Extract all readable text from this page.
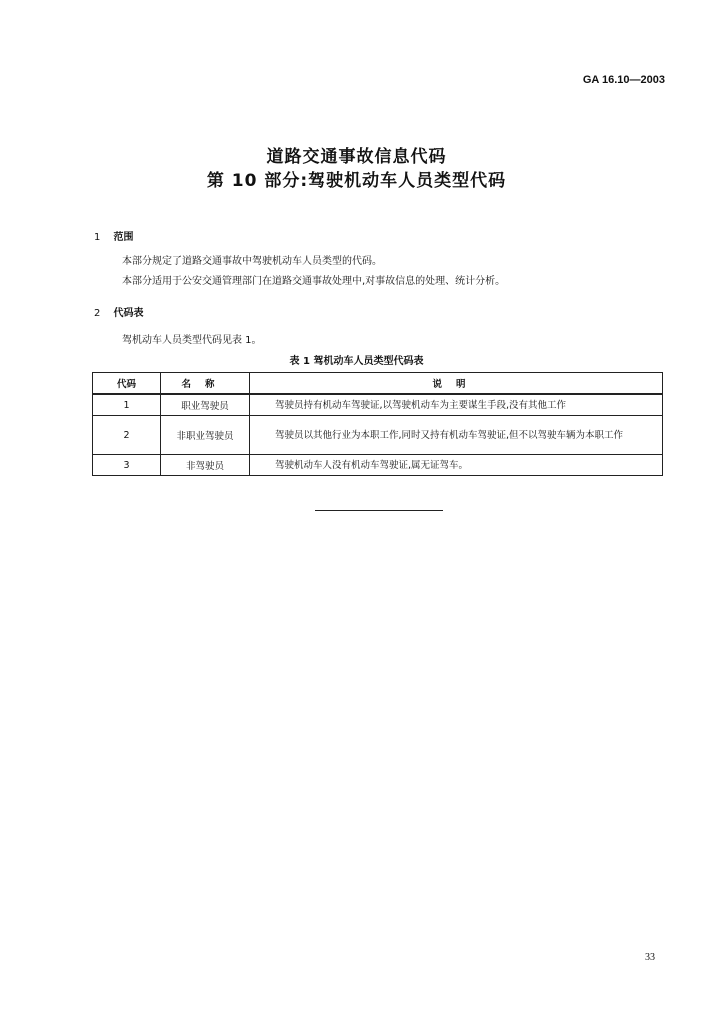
GA 16.10—2003
道路交通事故信息代码
第 10 部分:驾驶机动车人员类型代码
1 范围
本部分规定了道路交通事故中驾驶机动车人员类型的代码。
本部分适用于公安交通管理部门在道路交通事故处理中,对事故信息的处理、统计分析。
2 代码表
驾机动车人员类型代码见表 1。
表 1 驾机动车人员类型代码表
代码	名称	说明
1	职业驾驶员	驾驶员持有机动车驾驶证,以驾驶机动车为主要谋生手段,没有其他工作
2	非职业驾驶员	驾驶员以其他行业为本职工作,同时又持有机动车驾驶证,但不以驾驶车辆为本职工作
3	非驾驶员	驾驶机动车人没有机动车驾驶证,属无证驾车。
33
